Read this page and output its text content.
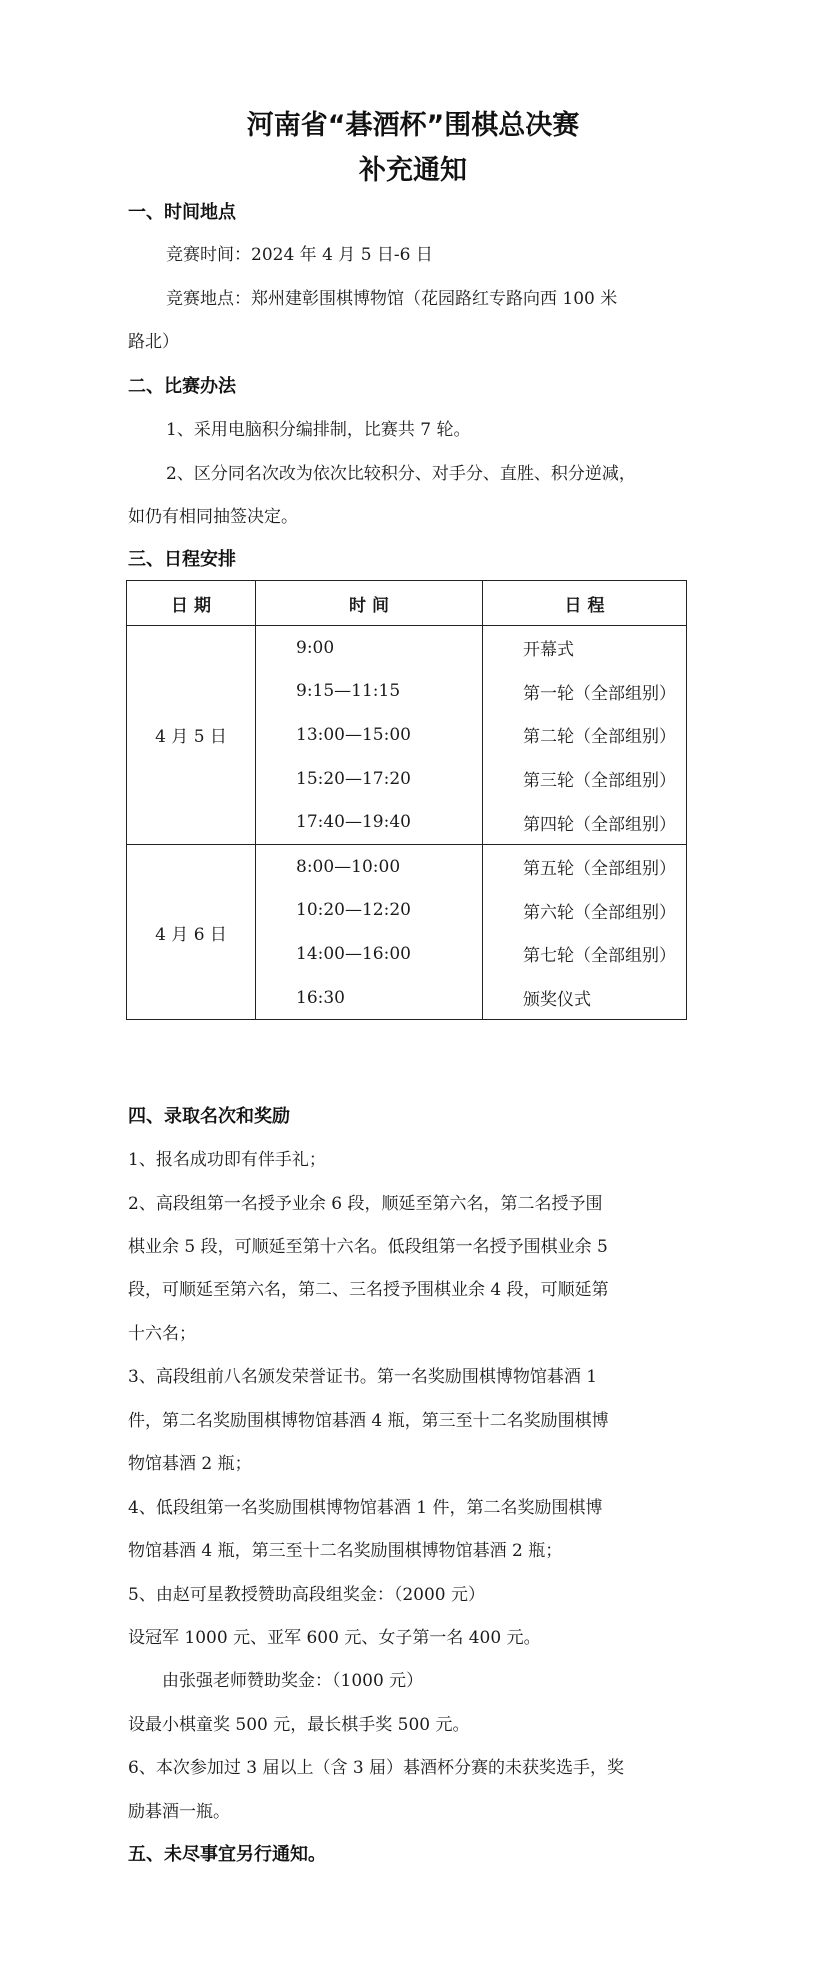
河南省“碁酒杯”围棋总决赛
补充通知
一、时间地点
竞赛时间：2024 年 4 月 5 日-6 日
竞赛地点：郑州建彰围棋博物馆（花园路红专路向西 100 米
路北）
二、比赛办法
1、采用电脑积分编排制，比赛共 7 轮。
2、区分同名次改为依次比较积分、对手分、直胜、积分逆减，
如仍有相同抽签决定。
三、日程安排
日 期	时 间	日 程
4 月 5 日	9:00	开幕式
	9:15—11:15	第一轮（全部组别）
	13:00—15:00	第二轮（全部组别）
	15:20—17:20	第三轮（全部组别）
	17:40—19:40	第四轮（全部组别）
4 月 6 日	8:00—10:00	第五轮（全部组别）
	10:20—12:20	第六轮（全部组别）
	14:00—16:00	第七轮（全部组别）
	16:30	颁奖仪式
四、录取名次和奖励
1、报名成功即有伴手礼；
2、高段组第一名授予业余 6 段，顺延至第六名，第二名授予围
棋业余 5 段，可顺延至第十六名。低段组第一名授予围棋业余 5
段，可顺延至第六名，第二、三名授予围棋业余 4 段，可顺延第
十六名；
3、高段组前八名颁发荣誉证书。第一名奖励围棋博物馆碁酒 1
件，第二名奖励围棋博物馆碁酒 4 瓶，第三至十二名奖励围棋博
物馆碁酒 2 瓶；
4、低段组第一名奖励围棋博物馆碁酒 1 件，第二名奖励围棋博
物馆碁酒 4 瓶，第三至十二名奖励围棋博物馆碁酒 2 瓶；
5、由赵可星教授赞助高段组奖金：（2000 元）
设冠军 1000 元、亚军 600 元、女子第一名 400 元。
由张强老师赞助奖金：（1000 元）
设最小棋童奖 500 元，最长棋手奖 500 元。
6、本次参加过 3 届以上（含 3 届）碁酒杯分赛的未获奖选手，奖
励碁酒一瓶。
五、未尽事宜另行通知。
